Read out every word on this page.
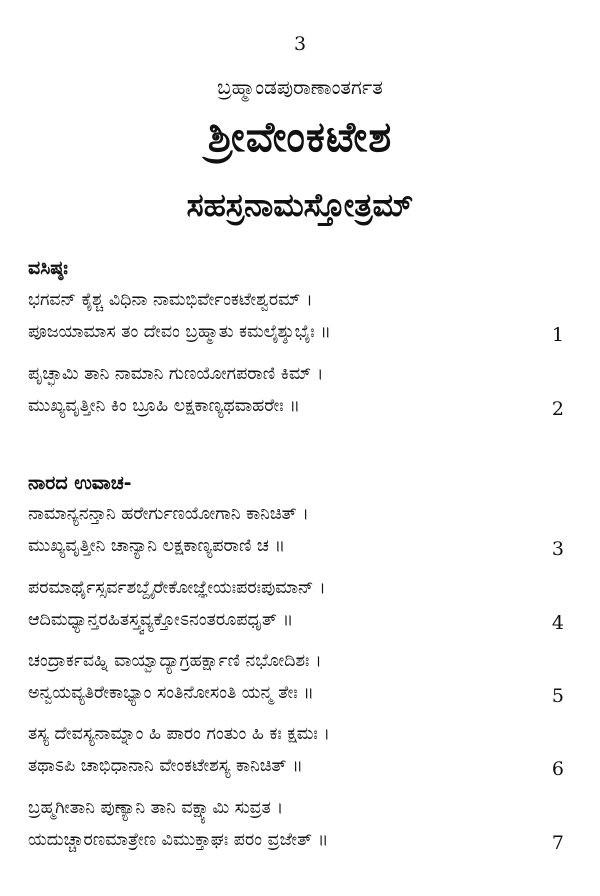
3
ಬ್ರಹ್ಮಾಂಡಪುರಾಣಾಂತರ್ಗತ
ಶ್ರೀವೇಂಕಟೇಶ
ಸಹಸ್ರನಾಮಸ್ತೋತ್ರಮ್
ವಸಿಷ್ಠಃ
ಭಗವನ್ ಕೈಶ್ಚ ವಿಧಿನಾ ನಾಮಭಿರ್ವೇಂಕಟೇಶ್ವರಮ್ ।
ಪೂಜಯಾಮಾಸ ತಂ ದೇವಂ ಬ್ರಹ್ಮಾತು ಕಮಲೈಶ್ಶುಭೈಃ ॥	1
ಪೃಚ್ಛಾಮಿ ತಾನಿ ನಾಮಾನಿ ಗುಣಯೋಗಪರಾಣಿ ಕಿಮ್ ।
ಮುಖ್ಯವೃತ್ತೀನಿ ಕಿಂ ಬ್ರೂಹಿ ಲಕ್ಷಕಾಣ್ಯಥವಾಹರೇಃ ॥	2
ನಾರದ ಉವಾಚ-
ನಾಮಾನ್ಯನನ್ತಾನಿ ಹರೇರ್ಗುಣಯೋಗಾನಿ ಕಾನಿಚಿತ್ ।
ಮುಖ್ಯವೃತ್ತೀನಿ ಚಾನ್ಯಾನಿ ಲಕ್ಷಕಾಣ್ಯಪರಾಣಿ ಚ ॥	3
ಪರಮಾರ್ಥೈಸ್ಸರ್ವಶಬ್ದೈರೇಕೋಜ್ಞೇಯಃಪರಃಪುಮಾನ್ ।
ಆದಿಮಧ್ಯಾನ್ತರಹಿತಸ್ತ್ವವ್ಯಕ್ತೋಽನಂತರೂಪಧೃತ್ ॥	4
ಚಂದ್ರಾರ್ಕವಹ್ನಿ ವಾಯ್ವಾದ್ಯಾಗ್ರಹರ್ಕ್ಷಾಣಿ ನಭೋದಿಶಃ ।
ಅನ್ವಯವ್ಯತಿರೇಕಾಭ್ಯಾಂ ಸಂತಿನೋಸಂತಿ ಯನ್ಮ ತೇಃ ॥	5
ತಸ್ಯ ದೇವಸ್ಯನಾಮ್ನಾಂ ಹಿ ಪಾರಂ ಗಂತುಂ ಹಿ ಕಃ ಕ್ಷಮಃ ।
ತಥಾಽಪಿ ಚಾಭಿಧಾನಾನಿ ವೇಂಕಟೇಶಸ್ಯ ಕಾನಿಚಿತ್ ॥	6
ಬ್ರಹ್ಮಗೀತಾನಿ ಪುಣ್ಯಾನಿ ತಾನಿ ವಕ್ಷ್ಯಾಮಿ ಸುವ್ರತ ।
ಯದುಚ್ಚಾರಣಮಾತ್ರೇಣ ವಿಮುಕ್ತಾಘಃ ಪರಂ ವ್ರಜೇತ್ ॥	7
